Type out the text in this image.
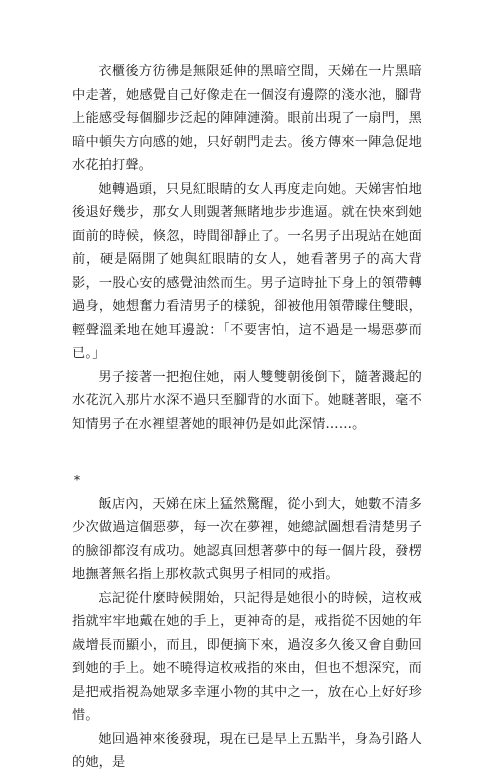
衣櫃後方彷彿是無限延伸的黑暗空間，天娣在一片黑暗中走著，她感覺自己好像走在一個沒有邊際的淺水池，腳背上能感受每個腳步泛起的陣陣漣漪。眼前出現了一扇門，黑暗中頓失方向感的她，只好朝門走去。後方傳來一陣急促地水花拍打聲。

她轉過頭，只見紅眼睛的女人再度走向她。天娣害怕地後退好幾步，那女人則覬著無睹地步步進逼。就在快來到她面前的時候，倏忽，時間卻靜止了。一名男子出現站在她面前，硬是隔開了她與紅眼睛的女人，她看著男子的高大背影，一股心安的感覺油然而生。男子這時扯下身上的領帶轉過身，她想奮力看清男子的樣貌，卻被他用領帶矇住雙眼，輕聲溫柔地在她耳邊說：「不要害怕，這不過是一場惡夢而已。」

男子接著一把抱住她，兩人雙雙朝後倒下，隨著濺起的水花沉入那片水深不過只至腳背的水面下。她瞇著眼，毫不知情男子在水裡望著她的眼神仍是如此深情……。

*

飯店內，天娣在床上猛然驚醒，從小到大，她數不清多少次做過這個惡夢，每一次在夢裡，她總試圖想看清楚男子的臉卻都沒有成功。她認真回想著夢中的每一個片段，發楞地撫著無名指上那枚款式與男子相同的戒指。

忘記從什麼時候開始，只記得是她很小的時候，這枚戒指就牢牢地戴在她的手上，更神奇的是，戒指從不因她的年歲增長而顯小，而且，即便摘下來，過沒多久後又會自動回到她的手上。她不曉得這枚戒指的來由，但也不想深究，而是把戒指視為她眾多幸運小物的其中之一，放在心上好好珍惜。

她回過神來後發現，現在已是早上五點半，身為引路人的她，是
